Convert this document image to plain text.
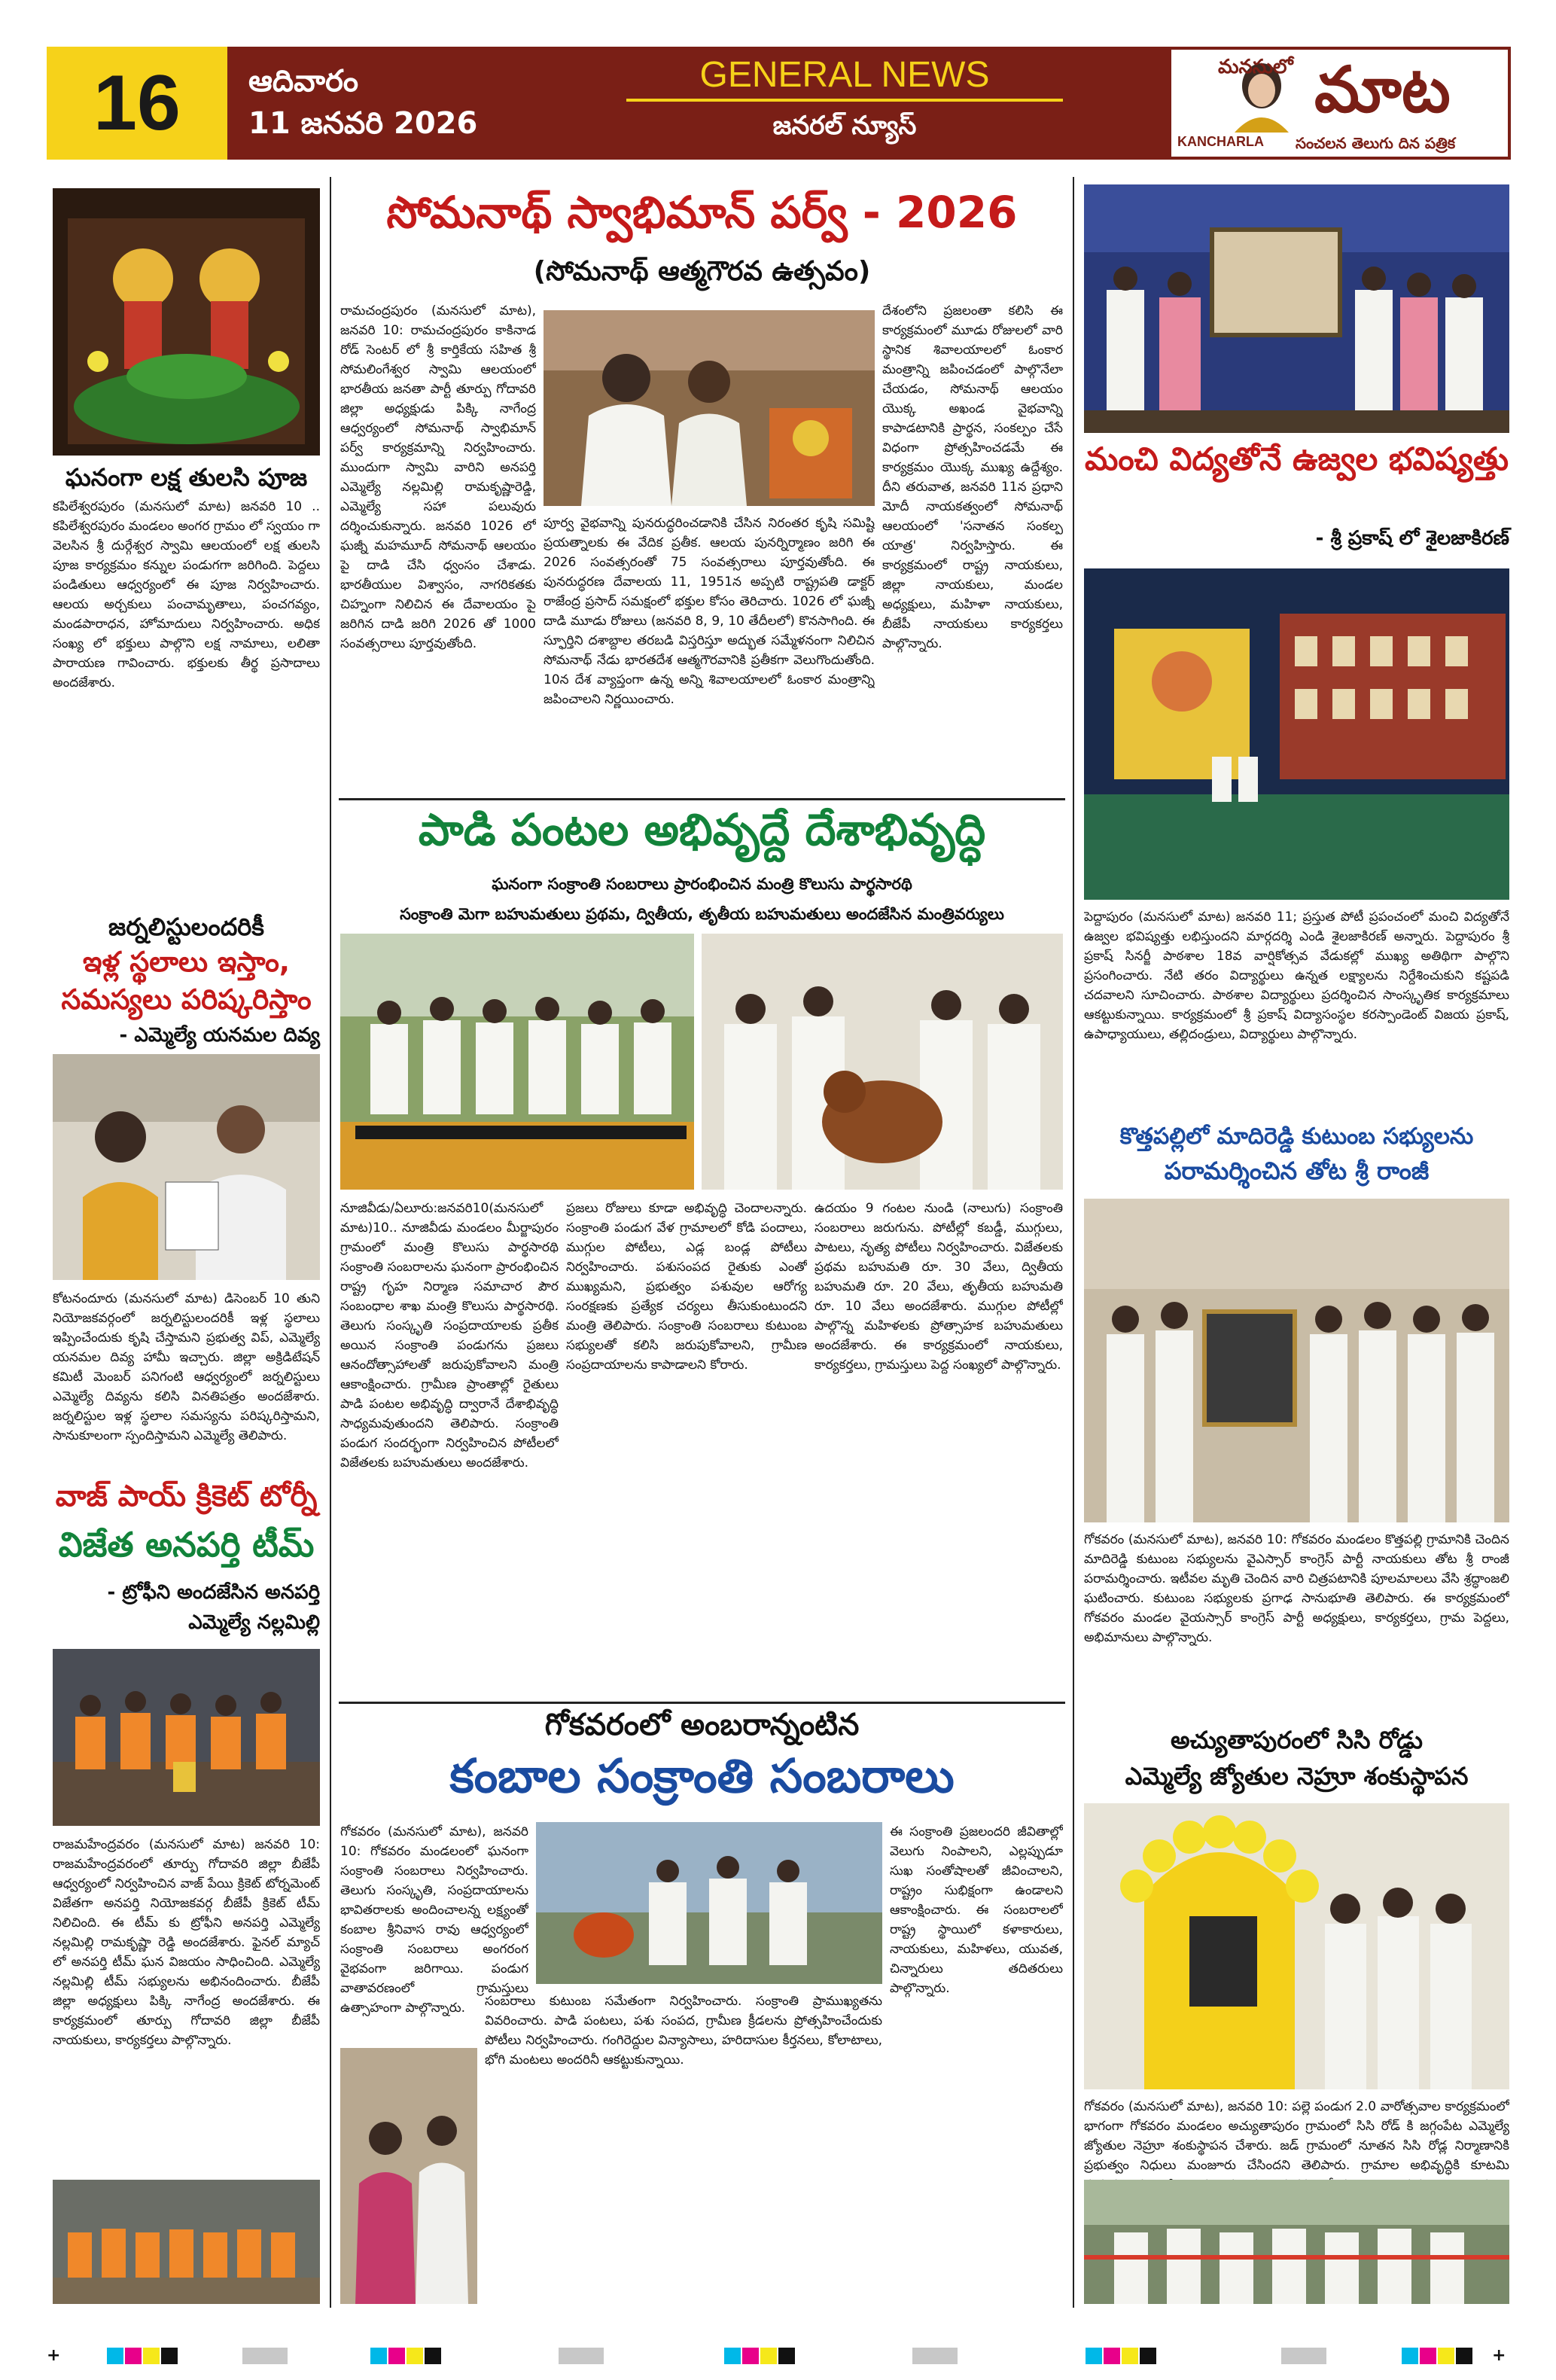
16	ఆదివారం
11 జనవరి 2026
GENERAL NEWS
జనరల్ న్యూస్
మనసులో మాట
KANCHARLA సంచలన తెలుగు దిన పత్రిక
ఘనంగా లక్ష తులసి పూజ
కపిలేశ్వరపురం (మనసులో మాట) జనవరి 10 .. కపిలేశ్వరపురం మండలం అంగర గ్రామం లో స్వయం గా వెలసిన శ్రీ దుర్గేశ్వర స్వామి ఆలయంలో లక్ష తులసి పూజ కార్యక్రమం కన్నుల పండుగగా జరిగింది. పెద్దలు పండితులు ఆధ్వర్యంలో ఈ పూజ నిర్వహించారు. ఆలయ అర్చకులు పంచామృతాలు, పంచగవ్యం, మండపారాధన, హోమాదులు నిర్వహించారు. అధిక సంఖ్య లో భక్తులు పాల్గొని లక్ష నామాలు, లలితా పారాయణ గావించారు. భక్తులకు తీర్థ ప్రసాదాలు అందజేశారు.
జర్నలిస్టులందరికీ
ఇళ్ల స్థలాలు ఇస్తాం,
సమస్యలు పరిష్కరిస్తాం
- ఎమ్మెల్యే యనమల దివ్య
కోటనందూరు (మనసులో మాట) డిసెంబర్ 10 తుని నియోజకవర్గంలో జర్నలిస్టులందరికీ ఇళ్ల స్థలాలు ఇప్పించేందుకు కృషి చేస్తామని ప్రభుత్వ విప్, ఎమ్మెల్యే యనమల దివ్య హామీ ఇచ్చారు. జిల్లా అక్రిడిటేషన్ కమిటీ మెంబర్ పనిగంటి ఆధ్వర్యంలో జర్నలిస్టులు ఎమ్మెల్యే దివ్యను కలిసి వినతిపత్రం అందజేశారు. జర్నలిస్టుల ఇళ్ల స్థలాల సమస్యను పరిష్కరిస్తామని, సానుకూలంగా స్పందిస్తామని ఎమ్మెల్యే తెలిపారు.
వాజ్ పాయ్ క్రికెట్ టోర్నీ
విజేత అనపర్తి టీమ్
- ట్రోఫీని అందజేసిన అనపర్తి
ఎమ్మెల్యే నల్లమిల్లి
రాజమహేంద్రవరం (మనసులో మాట) జనవరి 10: రాజమహేంద్రవరంలో తూర్పు గోదావరి జిల్లా బీజేపీ ఆధ్వర్యంలో నిర్వహించిన వాజ్ పేయి క్రికెట్ టోర్నమెంట్ విజేతగా అనపర్తి నియోజకవర్గ బీజేపీ క్రికెట్ టీమ్ నిలిచింది. ఈ టీమ్ కు ట్రోఫీని అనపర్తి ఎమ్మెల్యే నల్లమిల్లి రామకృష్ణా రెడ్డి అందజేశారు. ఫైనల్ మ్యాచ్ లో అనపర్తి టీమ్ ఘన విజయం సాధించింది. ఎమ్మెల్యే నల్లమిల్లి టీమ్ సభ్యులను అభినందించారు. బీజేపీ జిల్లా అధ్యక్షులు పిక్కి నాగేంద్ర అందజేశారు. ఈ కార్యక్రమంలో తూర్పు గోదావరి జిల్లా బీజేపీ నాయకులు, కార్యకర్తలు పాల్గొన్నారు.
సోమనాథ్ స్వాభిమాన్ పర్వ్ - 2026
(సోమనాథ్ ఆత్మగౌరవ ఉత్సవం)
రామచంద్రపురం (మనసులో మాట), జనవరి 10: రామచంద్రపురం కాకినాడ రోడ్ సెంటర్ లో శ్రీ కార్తికేయ సహిత శ్రీ సోమలింగేశ్వర స్వామి ఆలయంలో భారతీయ జనతా పార్టీ తూర్పు గోదావరి జిల్లా అధ్యక్షుడు పిక్కి నాగేంద్ర ఆధ్వర్యంలో సోమనాథ్ స్వాభిమాన్ పర్వ్ కార్యక్రమాన్ని నిర్వహించారు. ముందుగా స్వామి వారిని అనపర్తి ఎమ్మెల్యే నల్లమిల్లి రామకృష్ణారెడ్డి, ఎమ్మెల్యే సహా పలువురు దర్శించుకున్నారు. జనవరి 1026 లో ఘజ్నీ మహమూద్ సోమనాథ్ ఆలయం పై దాడి చేసి ధ్వంసం చేశాడు. భారతీయుల విశ్వాసం, నాగరికతకు చిహ్నంగా నిలిచిన ఈ దేవాలయం పై జరిగిన దాడి జరిగి 2026 తో 1000 సంవత్సరాలు పూర్తవుతోంది.
పూర్వ వైభవాన్ని పునరుద్ధరించడానికి చేసిన నిరంతర కృషి సమిష్టి ప్రయత్నాలకు ఈ వేదిక ప్రతీక. ఆలయ పునర్నిర్మాణం జరిగి ఈ 2026 సంవత్సరంతో 75 సంవత్సరాలు పూర్తవుతోంది. ఈ పునరుద్ధరణ దేవాలయ 11, 1951న అప్పటి రాష్ట్రపతి డాక్టర్ రాజేంద్ర ప్రసాద్ సమక్షంలో భక్తుల కోసం తెరిచారు. 1026 లో ఘజ్నీ దాడి మూడు రోజులు (జనవరి 8, 9, 10 తేదీలలో) కొనసాగింది. ఈ స్ఫూర్తిని దశాబ్దాల తరబడి విస్తరిస్తూ అద్భుత సమ్మేళనంగా నిలిచిన సోమనాథ్ నేడు భారతదేశ ఆత్మగౌరవానికి ప్రతీకగా వెలుగొందుతోంది. 10న దేశ వ్యాప్తంగా ఉన్న అన్ని శివాలయాలలో ఓంకార మంత్రాన్ని జపించాలని నిర్ణయించారు.
దేశంలోని ప్రజలంతా కలిసి ఈ కార్యక్రమంలో మూడు రోజులలో వారి స్థానిక శివాలయాలలో ఓంకార మంత్రాన్ని జపించడంలో పాల్గొనేలా చేయడం, సోమనాథ్ ఆలయం యొక్క అఖండ వైభవాన్ని కాపాడటానికి ప్రార్థన, సంకల్పం చేసే విధంగా ప్రోత్సహించడమే ఈ కార్యక్రమం యొక్క ముఖ్య ఉద్దేశ్యం. దీని తరువాత, జనవరి 11న ప్రధాని మోదీ నాయకత్వంలో సోమనాథ్ ఆలయంలో 'సనాతన సంకల్ప యాత్ర' నిర్వహిస్తారు. ఈ కార్యక్రమంలో రాష్ట్ర నాయకులు, జిల్లా నాయకులు, మండల అధ్యక్షులు, మహిళా నాయకులు, బీజేపీ నాయకులు కార్యకర్తలు పాల్గొన్నారు.
పాడి పంటల అభివృద్దే దేశాభివృద్ధి
ఘనంగా సంక్రాంతి సంబరాలు ప్రారంభించిన మంత్రి కొలుసు పార్థసారథి
సంక్రాంతి మెగా బహుమతులు ప్రథమ, ద్వితీయ, తృతీయ బహుమతులు అందజేసిన మంత్రివర్యులు
నూజివీడు/ఏలూరు:జనవరి10(మనసులో మాట)10.. నూజివీడు మండలం మీర్జాపురం గ్రామంలో మంత్రి కొలుసు పార్థసారథి సంక్రాంతి సంబరాలను ఘనంగా ప్రారంభించిన రాష్ట్ర గృహ నిర్మాణ సమాచార పౌర సంబంధాల శాఖ మంత్రి కొలుసు పార్థసారథి. తెలుగు సంస్కృతి సంప్రదాయాలకు ప్రతీక అయిన సంక్రాంతి పండుగను ప్రజలు ఆనందోత్సాహాలతో జరుపుకోవాలని మంత్రి ఆకాంక్షించారు. గ్రామీణ ప్రాంతాల్లో రైతులు పాడి పంటల అభివృద్ధి ద్వారానే దేశాభివృద్ధి సాధ్యమవుతుందని తెలిపారు. సంక్రాంతి పండుగ సందర్భంగా నిర్వహించిన పోటీలలో విజేతలకు బహుమతులు అందజేశారు.
ప్రజలు రోజులు కూడా అభివృద్ధి చెందాలన్నారు. సంక్రాంతి పండుగ వేళ గ్రామాలలో కోడి పందాలు, ముగ్గుల పోటీలు, ఎడ్ల బండ్ల పోటీలు నిర్వహించారు. పశుసంపద రైతుకు ఎంతో ముఖ్యమని, ప్రభుత్వం పశువుల ఆరోగ్య సంరక్షణకు ప్రత్యేక చర్యలు తీసుకుంటుందని మంత్రి తెలిపారు. సంక్రాంతి సంబరాలు కుటుంబ సభ్యులతో కలిసి జరుపుకోవాలని, గ్రామీణ సంప్రదాయాలను కాపాడాలని కోరారు.
ఉదయం 9 గంటల నుండి (నాలుగు) సంక్రాంతి సంబరాలు జరుగును. పోటీల్లో కబడ్డీ, ముగ్గులు, పాటలు, నృత్య పోటీలు నిర్వహించారు. విజేతలకు ప్రథమ బహుమతి రూ. 30 వేలు, ద్వితీయ బహుమతి రూ. 20 వేలు, తృతీయ బహుమతి రూ. 10 వేలు అందజేశారు. ముగ్గుల పోటీల్లో పాల్గొన్న మహిళలకు ప్రోత్సాహక బహుమతులు అందజేశారు. ఈ కార్యక్రమంలో నాయకులు, కార్యకర్తలు, గ్రామస్తులు పెద్ద సంఖ్యలో పాల్గొన్నారు.
గోకవరంలో అంబరాన్నంటిన
కంబాల సంక్రాంతి సంబరాలు
గోకవరం (మనసులో మాట), జనవరి 10: గోకవరం మండలంలో ఘనంగా సంక్రాంతి సంబరాలు నిర్వహించారు. తెలుగు సంస్కృతి, సంప్రదాయాలను భావితరాలకు అందించాలన్న లక్ష్యంతో కంబాల శ్రీనివాస రావు ఆధ్వర్యంలో సంక్రాంతి సంబరాలు అంగరంగ వైభవంగా జరిగాయి. పండుగ వాతావరణంలో గ్రామస్తులు ఉత్సాహంగా పాల్గొన్నారు.
ఈ సంక్రాంతి ప్రజలందరి జీవితాల్లో వెలుగు నింపాలని, ఎల్లప్పుడూ సుఖ సంతోషాలతో జీవించాలని, రాష్ట్రం సుభిక్షంగా ఉండాలని ఆకాంక్షించారు. ఈ సంబరాలలో రాష్ట్ర స్థాయిలో కళాకారులు, నాయకులు, మహిళలు, యువత, చిన్నారులు తదితరులు పాల్గొన్నారు.
సంబరాలు కుటుంబ సమేతంగా నిర్వహించారు. సంక్రాంతి ప్రాముఖ్యతను వివరించారు. పాడి పంటలు, పశు సంపద, గ్రామీణ క్రీడలను ప్రోత్సహించేందుకు పోటీలు నిర్వహించారు. గంగిరెద్దుల విన్యాసాలు, హరిదాసుల కీర్తనలు, కోలాటాలు, భోగి మంటలు అందరినీ ఆకట్టుకున్నాయి.
మంచి విద్యతోనే ఉజ్వల భవిష్యత్తు
- శ్రీ ప్రకాష్ లో శైలజాకిరణ్
పెద్దాపురం (మనసులో మాట) జనవరి 11; ప్రస్తుత పోటీ ప్రపంచంలో మంచి విద్యతోనే ఉజ్వల భవిష్యత్తు లభిస్తుందని మార్గదర్శి ఎండి శైలజాకిరణ్ అన్నారు. పెద్దాపురం శ్రీ ప్రకాష్ సినర్జీ పాఠశాల 18వ వార్షికోత్సవ వేడుకల్లో ముఖ్య అతిథిగా పాల్గొని ప్రసంగించారు. నేటి తరం విద్యార్థులు ఉన్నత లక్ష్యాలను నిర్దేశించుకుని కష్టపడి చదవాలని సూచించారు. పాఠశాల విద్యార్థులు ప్రదర్శించిన సాంస్కృతిక కార్యక్రమాలు ఆకట్టుకున్నాయి. కార్యక్రమంలో శ్రీ ప్రకాష్ విద్యాసంస్థల కరస్పాండెంట్ విజయ ప్రకాష్, ఉపాధ్యాయులు, తల్లిదండ్రులు, విద్యార్థులు పాల్గొన్నారు.
కొత్తపల్లిలో మాదిరెడ్డి కుటుంబ సభ్యులను
పరామర్శించిన తోట శ్రీ రాంజీ
గోకవరం (మనసులో మాట), జనవరి 10: గోకవరం మండలం కొత్తపల్లి గ్రామానికి చెందిన మాదిరెడ్డి కుటుంబ సభ్యులను వైఎస్సార్ కాంగ్రెస్ పార్టీ నాయకులు తోట శ్రీ రాంజీ పరామర్శించారు. ఇటీవల మృతి చెందిన వారి చిత్రపటానికి పూలమాలలు వేసి శ్రద్ధాంజలి ఘటించారు. కుటుంబ సభ్యులకు ప్రగాఢ సానుభూతి తెలిపారు. ఈ కార్యక్రమంలో గోకవరం మండల వైయస్సార్ కాంగ్రెస్ పార్టీ అధ్యక్షులు, కార్యకర్తలు, గ్రామ పెద్దలు, అభిమానులు పాల్గొన్నారు.
అచ్యుతాపురంలో సిసి రోడ్డు
ఎమ్మెల్యే జ్యోతుల నెహ్రూ శంకుస్థాపన
గోకవరం (మనసులో మాట), జనవరి 10: పల్లె పండుగ 2.0 వారోత్సవాల కార్యక్రమంలో భాగంగా గోకవరం మండలం అచ్యుతాపురం గ్రామంలో సిసి రోడ్ కి జగ్గంపేట ఎమ్మెల్యే జ్యోతుల నెహ్రూ శంకుస్థాపన చేశారు. జడ్ గ్రామంలో నూతన సిసి రోడ్ల నిర్మాణానికి ప్రభుత్వం నిధులు మంజూరు చేసిందని తెలిపారు. గ్రామాల అభివృద్ధికి కూటమి
+	+
